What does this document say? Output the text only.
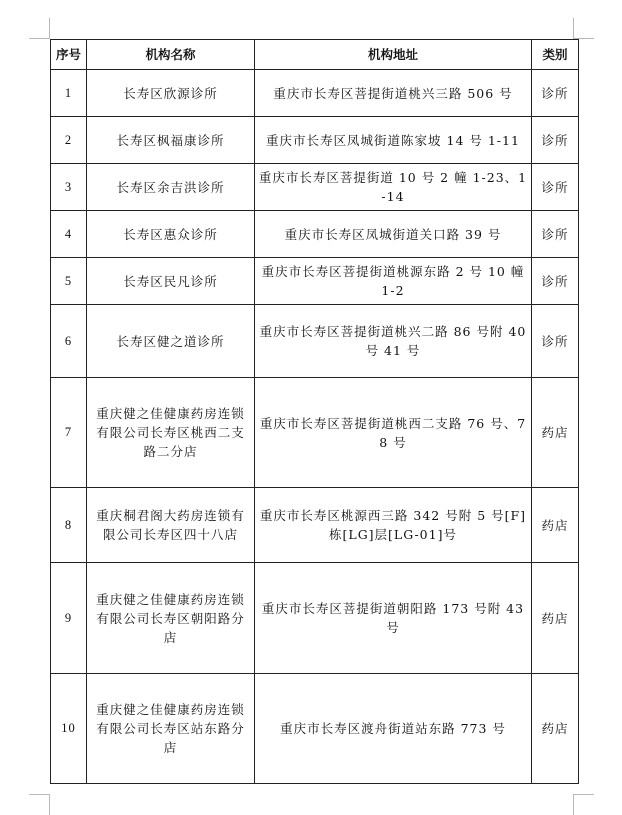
序号	机构名称	机构地址	类别
1	长寿区欣源诊所	重庆市长寿区菩提街道桃兴三路 506 号	诊所
2	长寿区枫福康诊所	重庆市长寿区凤城街道陈家坡 14 号 1-11	诊所
3	长寿区余吉洪诊所	重庆市长寿区菩提街道 10 号 2 幢 1-23、1-14	诊所
4	长寿区惠众诊所	重庆市长寿区凤城街道关口路 39 号	诊所
5	长寿区民凡诊所	重庆市长寿区菩提街道桃源东路 2 号 10 幢 1-2	诊所
6	长寿区健之道诊所	重庆市长寿区菩提街道桃兴二路 86 号附 40 号 41 号	诊所
7	重庆健之佳健康药房连锁有限公司长寿区桃西二支路二分店	重庆市长寿区菩提街道桃西二支路 76 号、78 号	药店
8	重庆桐君阁大药房连锁有限公司长寿区四十八店	重庆市长寿区桃源西三路 342 号附 5 号[F]栋[LG]层[LG-01]号	药店
9	重庆健之佳健康药房连锁有限公司长寿区朝阳路分店	重庆市长寿区菩提街道朝阳路 173 号附 43 号	药店
10	重庆健之佳健康药房连锁有限公司长寿区站东路分店	重庆市长寿区渡舟街道站东路 773 号	药店
